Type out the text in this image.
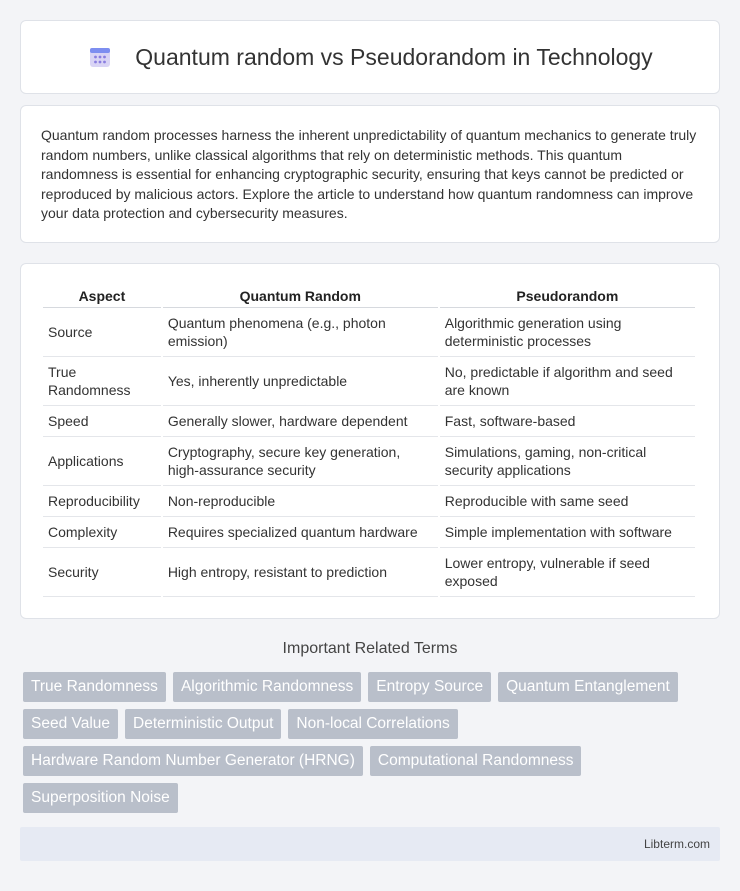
Quantum random vs Pseudorandom in Technology

Quantum random processes harness the inherent unpredictability of quantum mechanics to generate truly random numbers, unlike classical algorithms that rely on deterministic methods. This quantum randomness is essential for enhancing cryptographic security, ensuring that keys cannot be predicted or reproduced by malicious actors. Explore the article to understand how quantum randomness can improve your data protection and cybersecurity measures.

Aspect	Quantum Random	Pseudorandom
Source	Quantum phenomena (e.g., photon emission)	Algorithmic generation using deterministic processes
True Randomness	Yes, inherently unpredictable	No, predictable if algorithm and seed are known
Speed	Generally slower, hardware dependent	Fast, software-based
Applications	Cryptography, secure key generation, high-assurance security	Simulations, gaming, non-critical security applications
Reproducibility	Non-reproducible	Reproducible with same seed
Complexity	Requires specialized quantum hardware	Simple implementation with software
Security	High entropy, resistant to prediction	Lower entropy, vulnerable if seed exposed
Important Related Terms
True Randomness	Algorithmic Randomness	Entropy Source	Quantum Entanglement
Seed Value	Deterministic Output	Non-local Correlations
Hardware Random Number Generator (HRNG)	Computational Randomness
Superposition Noise
Libterm.com
